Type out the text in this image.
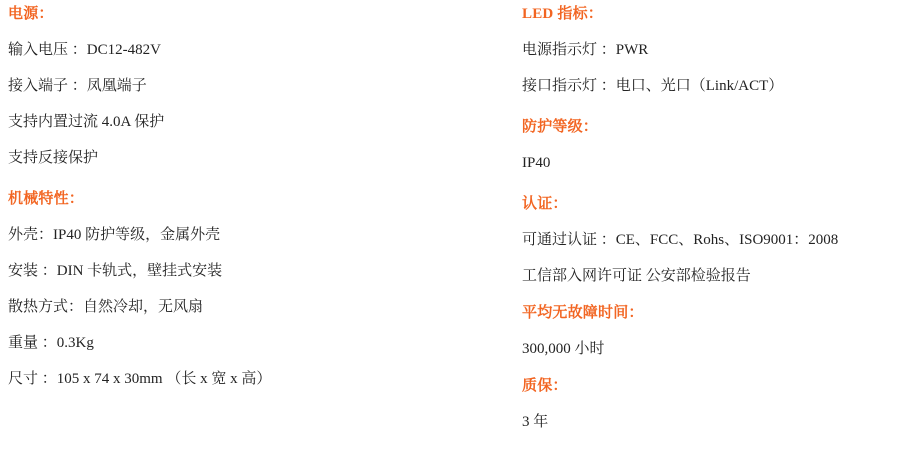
电源：
输入电压 ：DC12-482V
接入端子 ：凤凰端子
支持内置过流 4.0A 保护
支持反接保护
机械特性：
外壳：IP40 防护等级，金属外壳
安装 ：DIN 卡轨式，壁挂式安装
散热方式：自然冷却，无风扇
重量 ：0.3Kg
尺寸 ：105 x 74 x 30mm （长 x 宽 x 高）
LED 指标：
电源指示灯 ：PWR
接口指示灯 ：电口、光口（Link/ACT）
防护等级：
IP40
认证：
可通过认证 ：CE、FCC、Rohs、ISO9001：2008
工信部入网许可证 公安部检验报告
平均无故障时间：
300,000 小时
质保：
3 年
